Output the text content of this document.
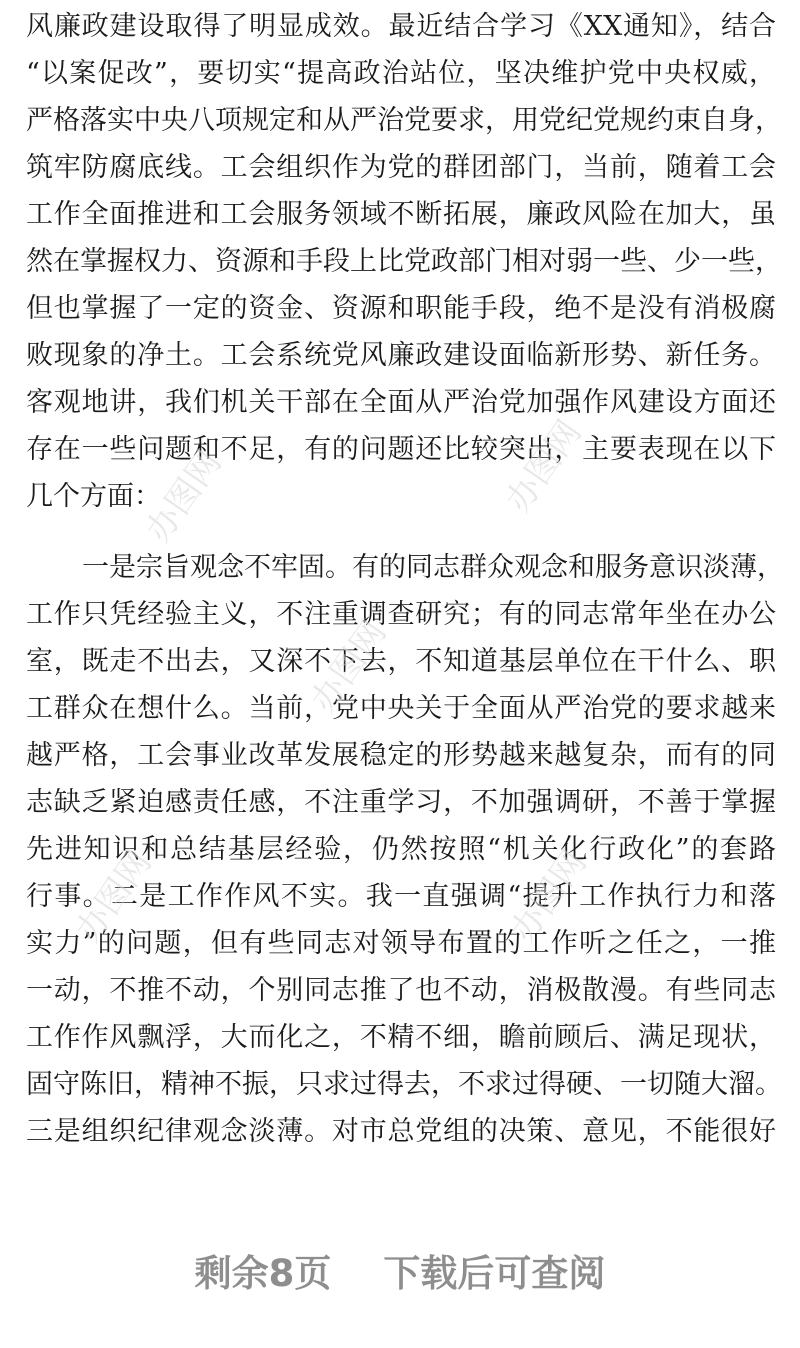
风廉政建设取得了明显成效。最近结合学习《XX通知》，结合
“以案促改”，要切实“提高政治站位，坚决维护党中央权威，
严格落实中央八项规定和从严治党要求，用党纪党规约束自身，
筑牢防腐底线。工会组织作为党的群团部门，当前，随着工会
工作全面推进和工会服务领域不断拓展，廉政风险在加大，虽
然在掌握权力、资源和手段上比党政部门相对弱一些、少一些，
但也掌握了一定的资金、资源和职能手段，绝不是没有消极腐
败现象的净土。工会系统党风廉政建设面临新形势、新任务。
客观地讲，我们机关干部在全面从严治党加强作风建设方面还
存在一些问题和不足，有的问题还比较突出，主要表现在以下
几个方面：
一是宗旨观念不牢固。有的同志群众观念和服务意识淡薄，
工作只凭经验主义，不注重调查研究；有的同志常年坐在办公
室，既走不出去，又深不下去，不知道基层单位在干什么、职
工群众在想什么。当前，党中央关于全面从严治党的要求越来
越严格，工会事业改革发展稳定的形势越来越复杂，而有的同
志缺乏紧迫感责任感，不注重学习，不加强调研，不善于掌握
先进知识和总结基层经验，仍然按照“机关化行政化”的套路
行事。二是工作作风不实。我一直强调“提升工作执行力和落
实力”的问题，但有些同志对领导布置的工作听之任之，一推
一动，不推不动，个别同志推了也不动，消极散漫。有些同志
工作作风飘浮，大而化之，不精不细，瞻前顾后、满足现状，
固守陈旧，精神不振，只求过得去，不求过得硬、一切随大溜。
三是组织纪律观念淡薄。对市总党组的决策、意见，不能很好
办图网	办图网
办图网
办图网	办图网
剩余8页 下载后可查阅
